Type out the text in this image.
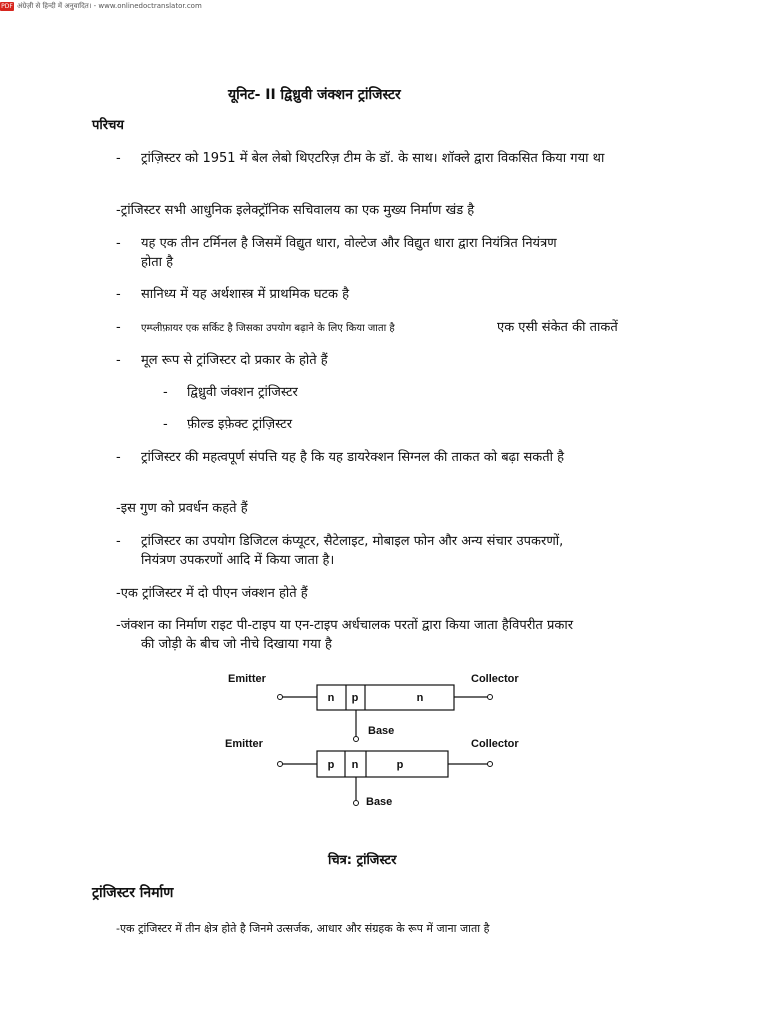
PDF अंग्रेज़ी से हिन्दी में अनुवादित। - www.onlinedoctranslator.com
यूनिट- II द्विध्रुवी जंक्शन ट्रांजिस्टर
परिचय
- ट्रांज़िस्टर को 1951 में बेल लेबो थिएटरिज़ टीम के डॉ. के साथ। शॉक्ले द्वारा विकसित किया गया था
-ट्रांजिस्टर सभी आधुनिक इलेक्ट्रॉनिक सचिवालय का एक मुख्य निर्माण खंड है
- यह एक तीन टर्मिनल है जिसमें विद्युत धारा, वोल्टेज और विद्युत धारा द्वारा नियंत्रित नियंत्रण
होता है
- सानिध्य में यह अर्थशास्त्र में प्राथमिक घटक है
- एम्प्लीफ़ायर एक सर्किट है जिसका उपयोग बढ़ाने के लिए किया जाता है	एक एसी संकेत की ताकतें
- मूल रूप से ट्रांजिस्टर दो प्रकार के होते हैं
- द्विध्रुवी जंक्शन ट्रांजिस्टर
- फ़ील्ड इफ़ेक्ट ट्रांज़िस्टर
- ट्रांजिस्टर की महत्वपूर्ण संपत्ति यह है कि यह डायरेक्शन सिग्नल की ताकत को बढ़ा सकती है
-इस गुण को प्रवर्धन कहते हैं
- ट्रांजिस्टर का उपयोग डिजिटल कंप्यूटर, सैटेलाइट, मोबाइल फोन और अन्य संचार उपकरणों,
नियंत्रण उपकरणों आदि में किया जाता है।
-एक ट्रांजिस्टर में दो पीएन जंक्शन होते हैं
-जंक्शन का निर्माण राइट पी-टाइप या एन-टाइप अर्धचालक परतों द्वारा किया जाता हैविपरीत प्रकार
की जोड़ी के बीच जो नीचे दिखाया गया है
Emitter	Collector
n p	n
Base
Emitter	Collector
p n	p
Base
चित्र: ट्रांजिस्टर
ट्रांजिस्टर निर्माण
-एक ट्रांजिस्टर में तीन क्षेत्र होते है जिनमे उत्सर्जक, आधार और संग्रहक के रूप में जाना जाता है
